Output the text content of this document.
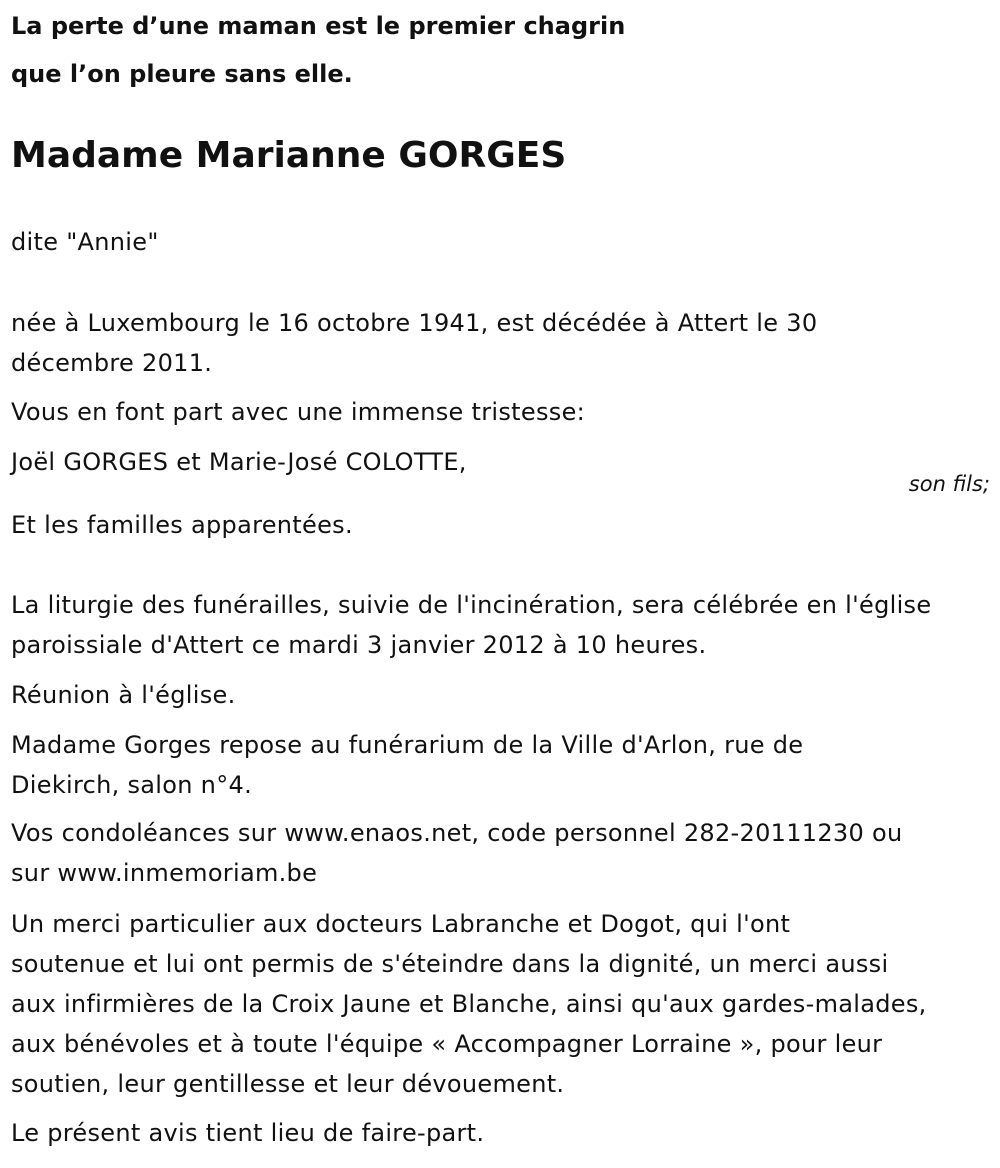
La perte d’une maman est le premier chagrin
que l’on pleure sans elle.
Madame Marianne GORGES
dite "Annie"
née à Luxembourg le 16 octobre 1941, est décédée à Attert le 30
décembre 2011.
Vous en font part avec une immense tristesse:
Joël GORGES et Marie-José COLOTTE,
son fils;
Et les familles apparentées.
La liturgie des funérailles, suivie de l'incinération, sera célébrée en l'église
paroissiale d'Attert ce mardi 3 janvier 2012 à 10 heures.
Réunion à l'église.
Madame Gorges repose au funérarium de la Ville d'Arlon, rue de
Diekirch, salon n°4.
Vos condoléances sur www.enaos.net, code personnel 282-20111230 ou
sur www.inmemoriam.be
Un merci particulier aux docteurs Labranche et Dogot, qui l'ont
soutenue et lui ont permis de s'éteindre dans la dignité, un merci aussi
aux infirmières de la Croix Jaune et Blanche, ainsi qu'aux gardes-malades,
aux bénévoles et à toute l'équipe « Accompagner Lorraine », pour leur
soutien, leur gentillesse et leur dévouement.
Le présent avis tient lieu de faire-part.
